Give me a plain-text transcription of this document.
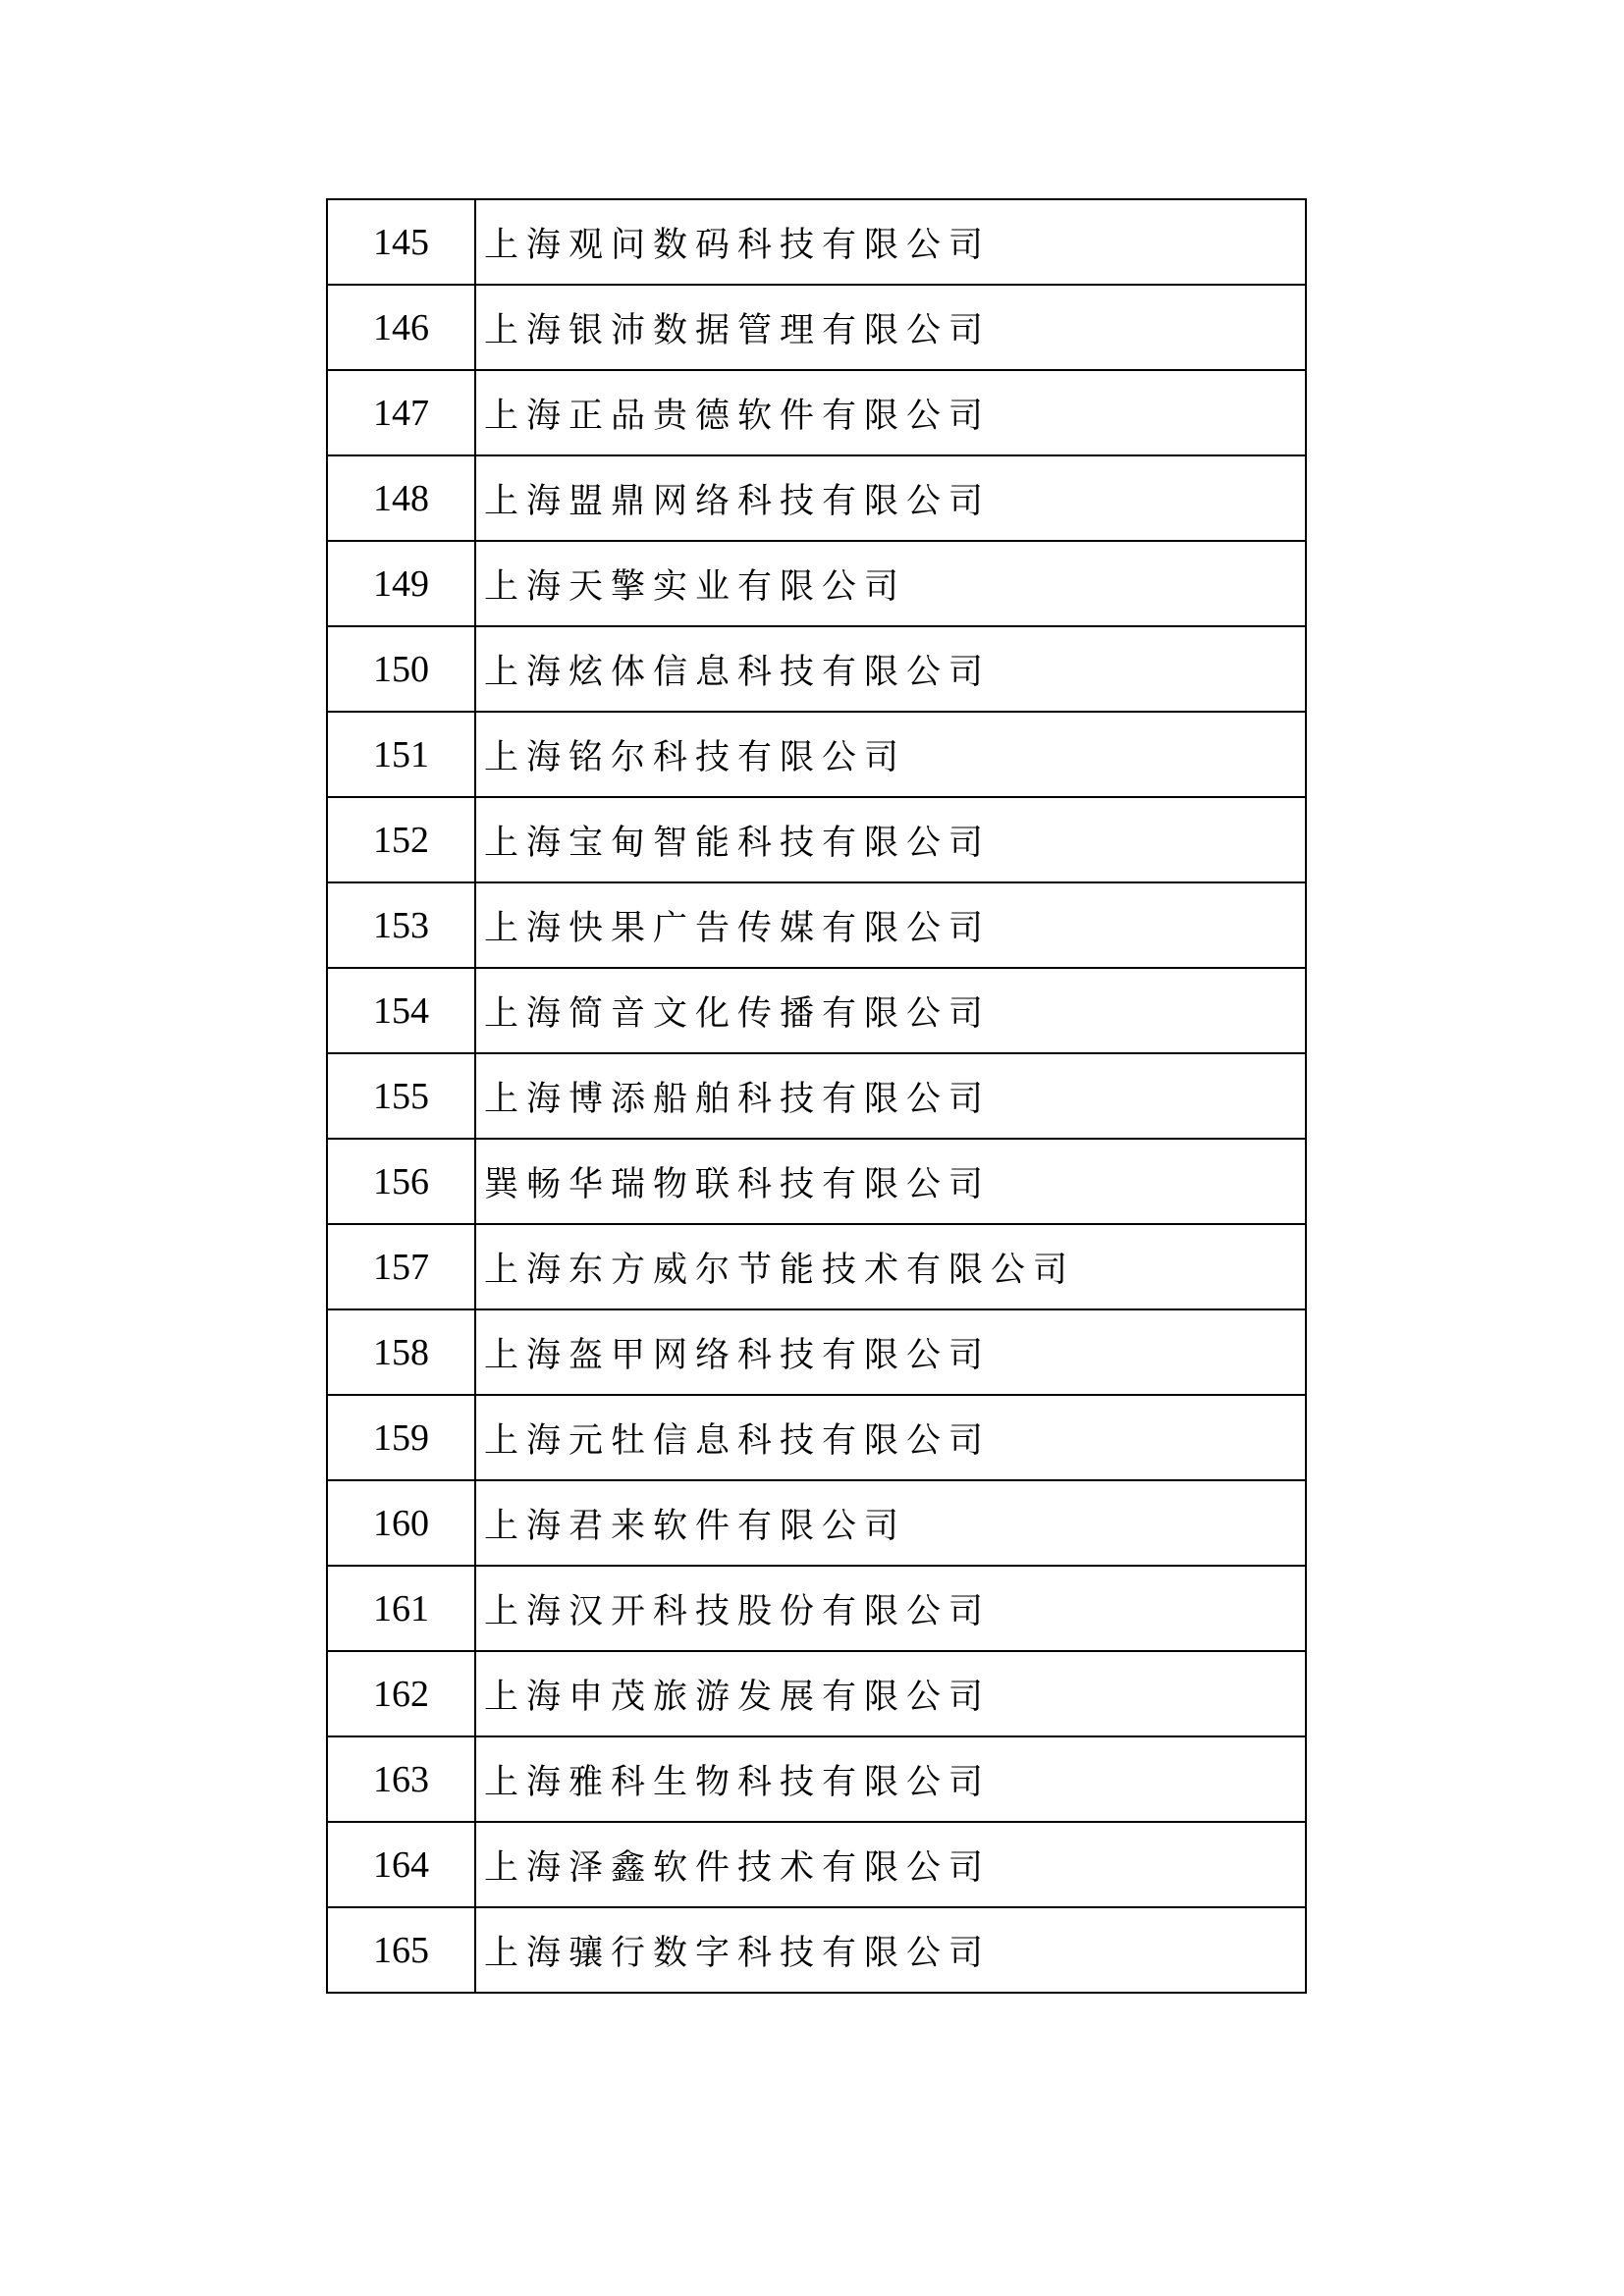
145	上海观问数码科技有限公司
146	上海银沛数据管理有限公司
147	上海正品贵德软件有限公司
148	上海盟鼎网络科技有限公司
149	上海天擎实业有限公司
150	上海炫体信息科技有限公司
151	上海铭尔科技有限公司
152	上海宝甸智能科技有限公司
153	上海快果广告传媒有限公司
154	上海简音文化传播有限公司
155	上海博添船舶科技有限公司
156	巽畅华瑞物联科技有限公司
157	上海东方威尔节能技术有限公司
158	上海盔甲网络科技有限公司
159	上海元牡信息科技有限公司
160	上海君来软件有限公司
161	上海汉开科技股份有限公司
162	上海申茂旅游发展有限公司
163	上海雅科生物科技有限公司
164	上海泽鑫软件技术有限公司
165	上海骧行数字科技有限公司
